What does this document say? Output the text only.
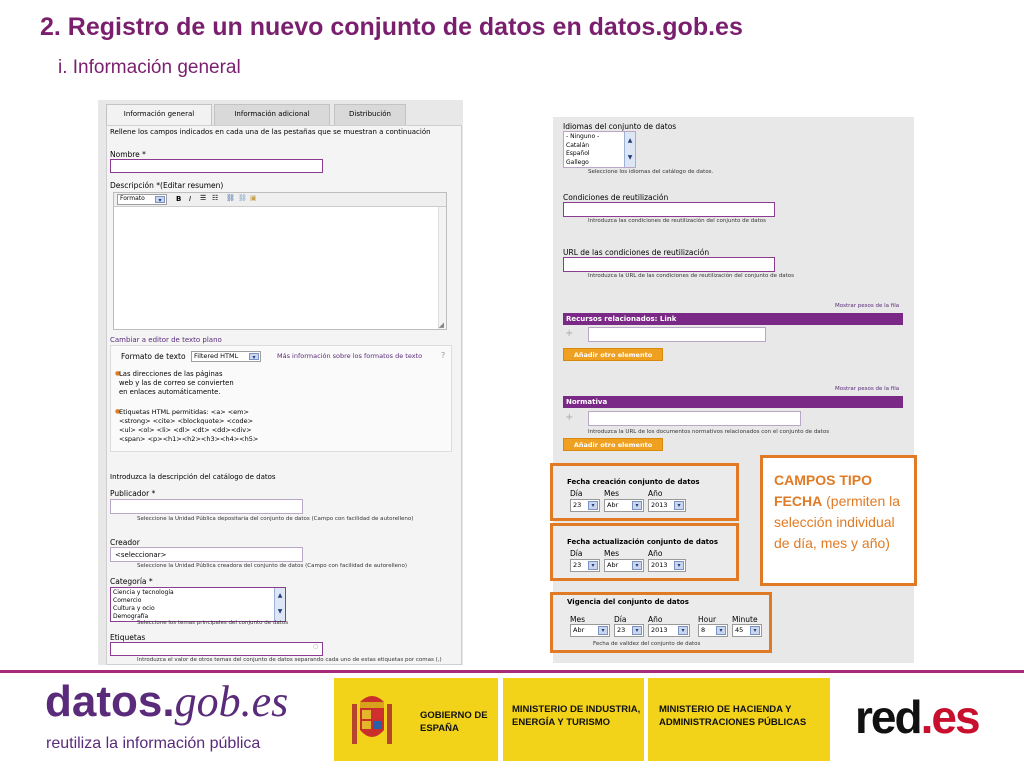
2. Registro de un nuevo conjunto de datos en datos.gob.es
i. Información general
Información general	Información adicional	Distribución
Rellene los campos indicados en cada una de las pestañas que se muestran a continuación
Nombre *
Descripción *(Editar resumen)
Formato	▾	B I ☰ ☷ ⛓ ⛓ ▣
◢
Cambiar a editor de texto plano
Formato de texto	Filtered HTML	▾	Más información sobre los formatos de texto ?
●
Las direcciones de las páginas web y las de correo se convierten en enlaces automáticamente.
●
Etiquetas HTML permitidas: <a> <em> <strong> <cite> <blockquote> <code> <ul> <ol> <li> <dl> <dt> <dd><div><span> <p><h1><h2><h3><h4><h5>
Introduzca la descripción del catálogo de datos
Publicador *
Seleccione la Unidad Pública depositaria del conjunto de datos (Campo con facilidad de autorelleno)
Creador
<seleccionar>
Seleccione la Unidad Pública creadora del conjunto de datos (Campo con facilidad de autorelleno)
Categoría *
Ciencia y tecnología
Comercio
Cultura y ocio
Demografía
▲
▼
Seleccione los temas principales del conjunto de datos
Etiquetas
○
Introduzca el valor de otros temas del conjunto de datos separando cada uno de estas etiquetas por comas (,)
Idiomas del conjunto de datos
- Ninguno -
Catalán
Español
Gallego
▲
▼
Seleccione los idiomas del catálogo de datos.
Condiciones de reutilización
Introduzca las condiciones de reutilización del conjunto de datos
URL de las condiciones de reutilización
Introduzca la URL de las condiciones de reutilización del conjunto de datos
Mostrar pesos de la fila
Recursos relacionados: Link
+
Añadir otro elemento
Mostrar pesos de la fila
Normativa
+
Introduzca la URL de los documentos normativos relacionados con el conjunto de datos
Añadir otro elemento
Fecha creación conjunto de datos
Día	Mes	Año
23	▾	Abr	▾	2013	▾
Fecha actualización conjunto de datos
Día	Mes	Año
23	▾	Abr	▾	2013	▾
Vigencia del conjunto de datos
Mes	Día	Año	Hour Minute
Abr	▾	23	▾	2013	▾	8	▾	45	▾
Fecha de validez del conjunto de datos
CAMPOS TIPO FECHA (permiten la selección individual de día, mes y año)
datos.gob.es
reutiliza la información pública
GOBIERNO DE ESPAÑA
MINISTERIO DE INDUSTRIA, ENERGÍA Y TURISMO
MINISTERIO DE HACIENDA Y ADMINISTRACIONES PÚBLICAS	red.es
